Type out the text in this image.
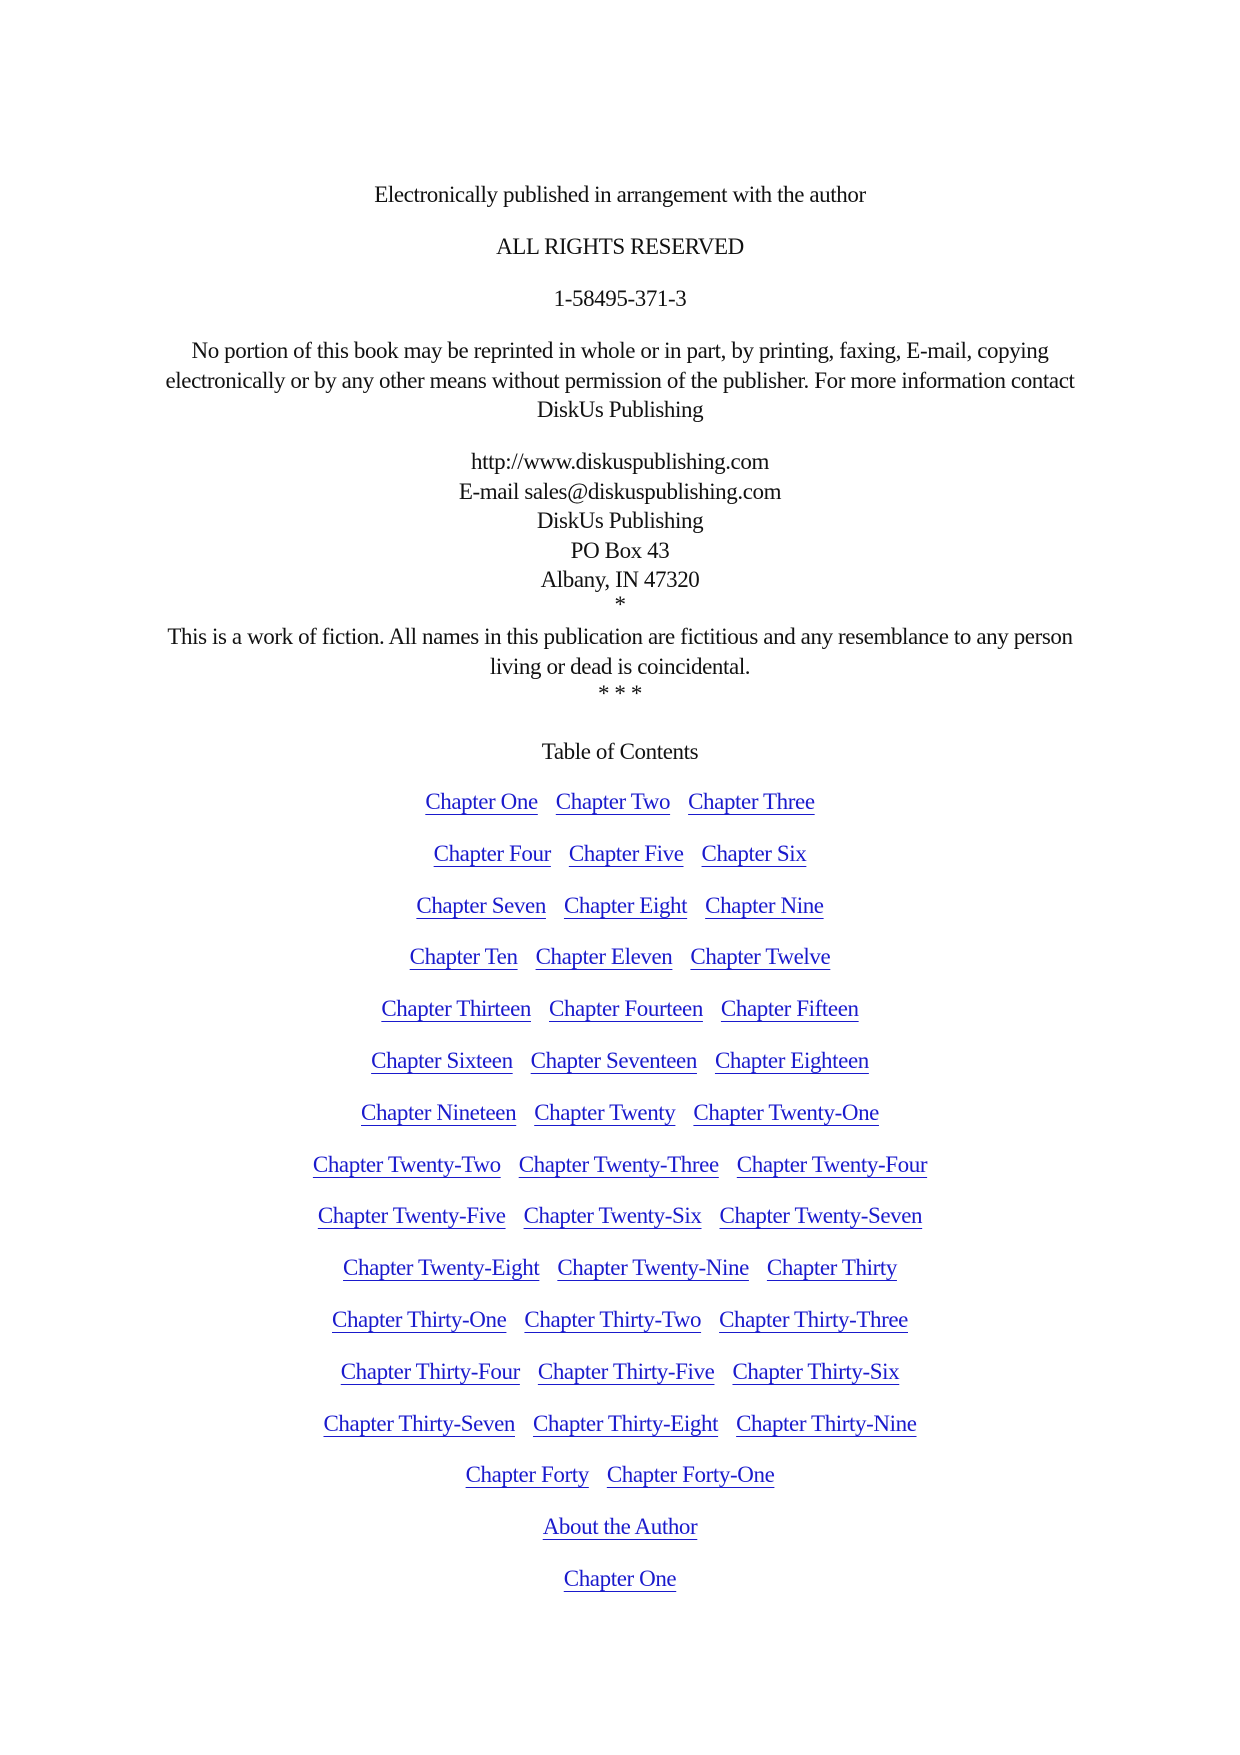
Electronically published in arrangement with the author
ALL RIGHTS RESERVED
1-58495-371-3
No portion of this book may be reprinted in whole or in part, by printing, faxing, E-mail, copying
electronically or by any other means without permission of the publisher. For more information contact
DiskUs Publishing
http://www.diskuspublishing.com
E-mail sales@diskuspublishing.com
DiskUs Publishing
PO Box 43
Albany, IN 47320
*
This is a work of fiction. All names in this publication are fictitious and any resemblance to any person
living or dead is coincidental.
* * *
Table of Contents
Chapter One Chapter Two Chapter Three
Chapter Four Chapter Five Chapter Six
Chapter Seven Chapter Eight Chapter Nine
Chapter Ten Chapter Eleven Chapter Twelve
Chapter Thirteen Chapter Fourteen Chapter Fifteen
Chapter Sixteen Chapter Seventeen Chapter Eighteen
Chapter Nineteen Chapter Twenty Chapter Twenty-One
Chapter Twenty-Two Chapter Twenty-Three Chapter Twenty-Four
Chapter Twenty-Five Chapter Twenty-Six Chapter Twenty-Seven
Chapter Twenty-Eight Chapter Twenty-Nine Chapter Thirty
Chapter Thirty-One Chapter Thirty-Two Chapter Thirty-Three
Chapter Thirty-Four Chapter Thirty-Five Chapter Thirty-Six
Chapter Thirty-Seven Chapter Thirty-Eight Chapter Thirty-Nine
Chapter Forty Chapter Forty-One
About the Author
Chapter One
